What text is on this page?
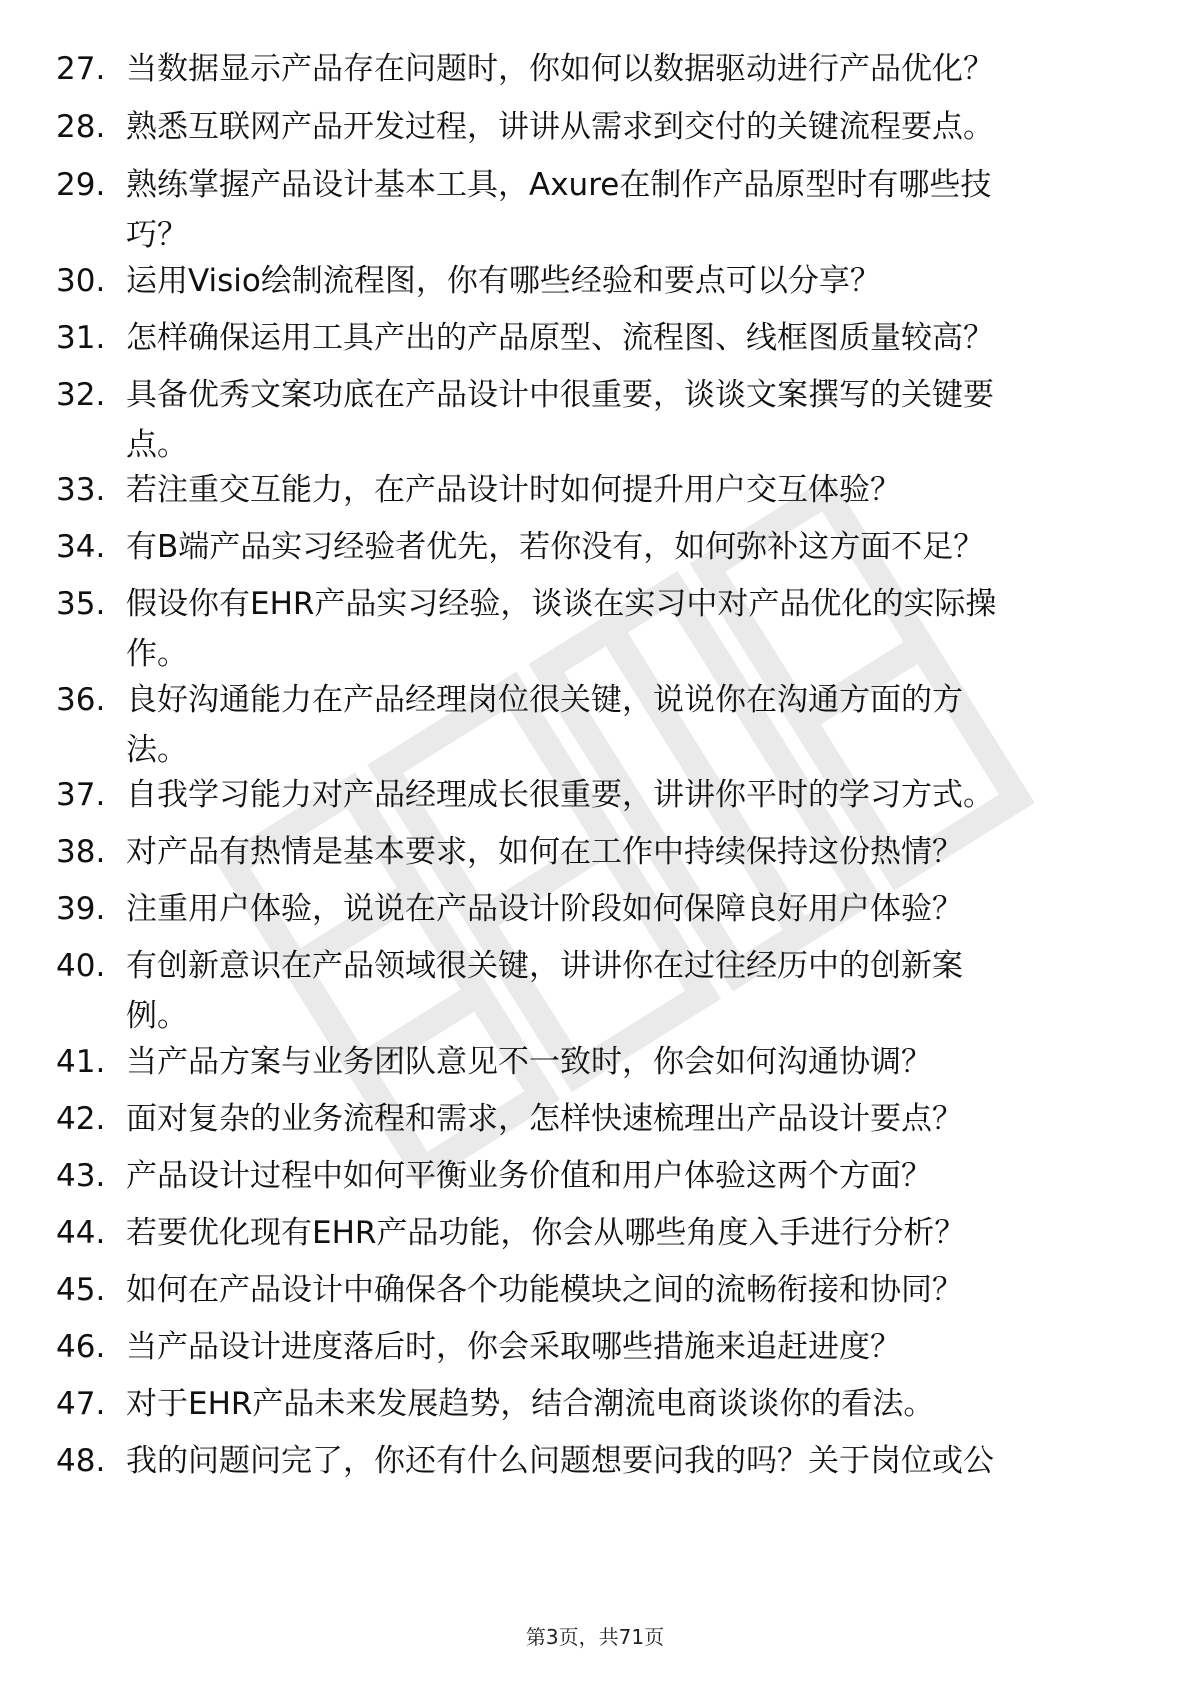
27. 当数据显示产品存在问题时，你如何以数据驱动进行产品优化？
28. 熟悉互联网产品开发过程，讲讲从需求到交付的关键流程要点。
29. 熟练掌握产品设计基本工具，Axure在制作产品原型时有哪些技
巧？
30. 运用Visio绘制流程图，你有哪些经验和要点可以分享？
31. 怎样确保运用工具产出的产品原型、流程图、线框图质量较高？
32. 具备优秀文案功底在产品设计中很重要，谈谈文案撰写的关键要
点。
33. 若注重交互能力，在产品设计时如何提升用户交互体验？
34. 有B端产品实习经验者优先，若你没有，如何弥补这方面不足？
35. 假设你有EHR产品实习经验，谈谈在实习中对产品优化的实际操
作。
36. 良好沟通能力在产品经理岗位很关键，说说你在沟通方面的方
法。
37. 自我学习能力对产品经理成长很重要，讲讲你平时的学习方式。
38. 对产品有热情是基本要求，如何在工作中持续保持这份热情？
39. 注重用户体验，说说在产品设计阶段如何保障良好用户体验？
40. 有创新意识在产品领域很关键，讲讲你在过往经历中的创新案
例。
41. 当产品方案与业务团队意见不一致时，你会如何沟通协调？
42. 面对复杂的业务流程和需求，怎样快速梳理出产品设计要点？
43. 产品设计过程中如何平衡业务价值和用户体验这两个方面？
44. 若要优化现有EHR产品功能，你会从哪些角度入手进行分析？
45. 如何在产品设计中确保各个功能模块之间的流畅衔接和协同？
46. 当产品设计进度落后时，你会采取哪些措施来追赶进度？
47. 对于EHR产品未来发展趋势，结合潮流电商谈谈你的看法。
48. 我的问题问完了，你还有什么问题想要问我的吗？关于岗位或公
第3页，共71页
